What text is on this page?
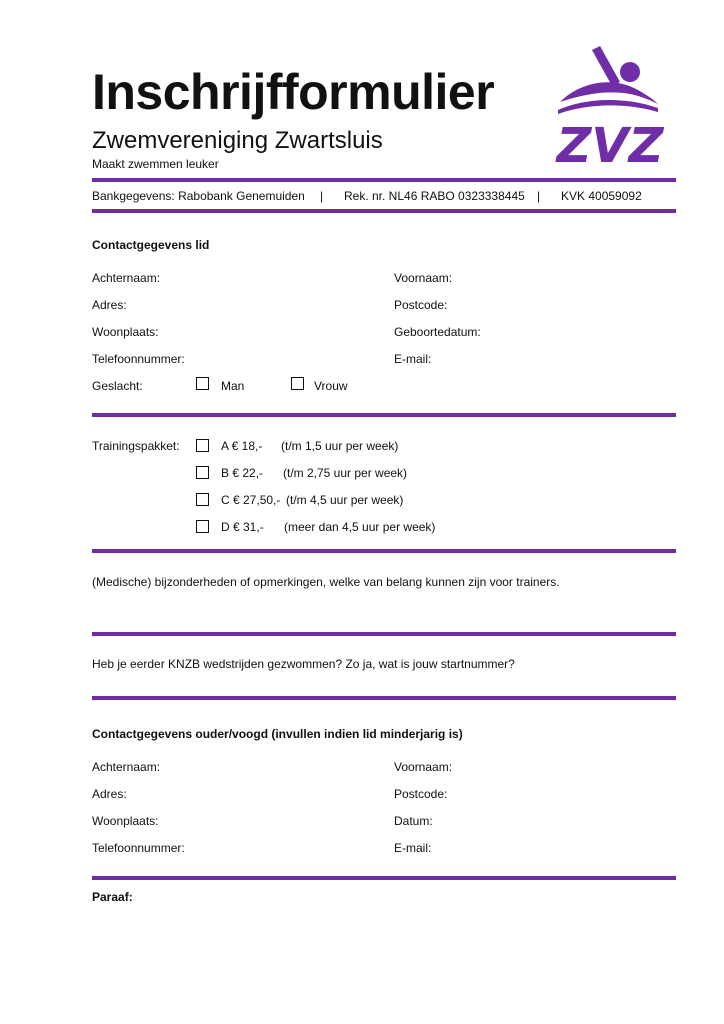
Inschrijfformulier
Zwemvereniging Zwartsluis
Maakt zwemmen leuker	ZVZ
Bankgegevens: Rabobank Genemuiden | Rek. nr. NL46 RABO 0323338445 | KVK 40059092
Contactgegevens lid
Achternaam:	Voornaam:
Adres:	Postcode:
Woonplaats:	Geboortedatum:
Telefoonnummer:	E-mail:
Geslacht:	Man	Vrouw
Trainingspakket:	A € 18,- (t/m 1,5 uur per week)
B € 22,- (t/m 2,75 uur per week)
C € 27,50,- (t/m 4,5 uur per week)
D € 31,- (meer dan 4,5 uur per week)
(Medische) bijzonderheden of opmerkingen, welke van belang kunnen zijn voor trainers.
Heb je eerder KNZB wedstrijden gezwommen? Zo ja, wat is jouw startnummer?
Contactgegevens ouder/voogd (invullen indien lid minderjarig is)
Achternaam:	Voornaam:
Adres:	Postcode:
Woonplaats:	Datum:
Telefoonnummer:	E-mail:
Paraaf:
